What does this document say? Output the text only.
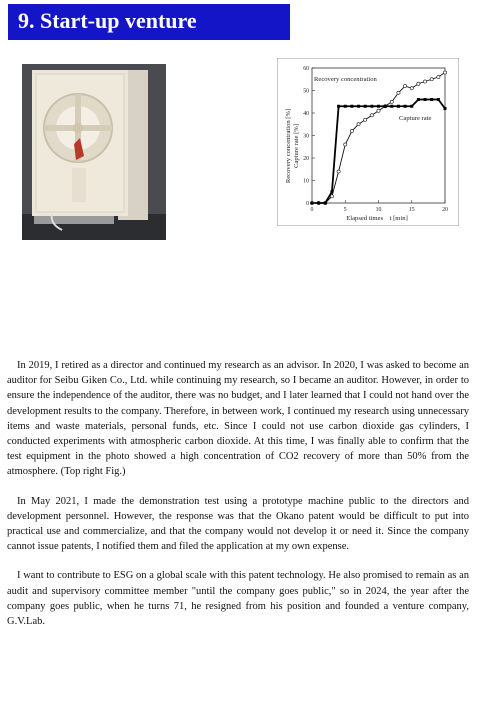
9. Start-up venture
0	5	10	15	20
0
10
20
30
40
50
60
Recovery concentration
Capture rate
Elapsed times　t [min]
Recovery concentration [%] Capture rate [%]

In 2019, I retired as a director and continued my research as an advisor. In 2020, I was asked to become an auditor for Seibu Giken Co., Ltd. while continuing my research, so I became an auditor. However, in order to ensure the independence of the auditor, there was no budget, and I later learned that I could not hand over the development results to the company. Therefore, in between work, I continued my research using unnecessary items and waste materials, personal funds, etc. Since I could not use carbon dioxide gas cylinders, I conducted experiments with atmospheric carbon dioxide. At this time, I was finally able to confirm that the test equipment in the photo showed a high concentration of CO2 recovery of more than 50% from the atmosphere. (Top right Fig.)

In May 2021, I made the demonstration test using a prototype machine public to the directors and development personnel. However, the response was that the Okano patent would be difficult to put into practical use and commercialize, and that the company would not develop it or need it. Since the company cannot issue patents, I notified them and filed the application at my own expense.

I want to contribute to ESG on a global scale with this patent technology. He also promised to remain as an audit and supervisory committee member "until the company goes public," so in 2024, the year after the company goes public, when he turns 71, he resigned from his position and founded a venture company, G.V.Lab.
